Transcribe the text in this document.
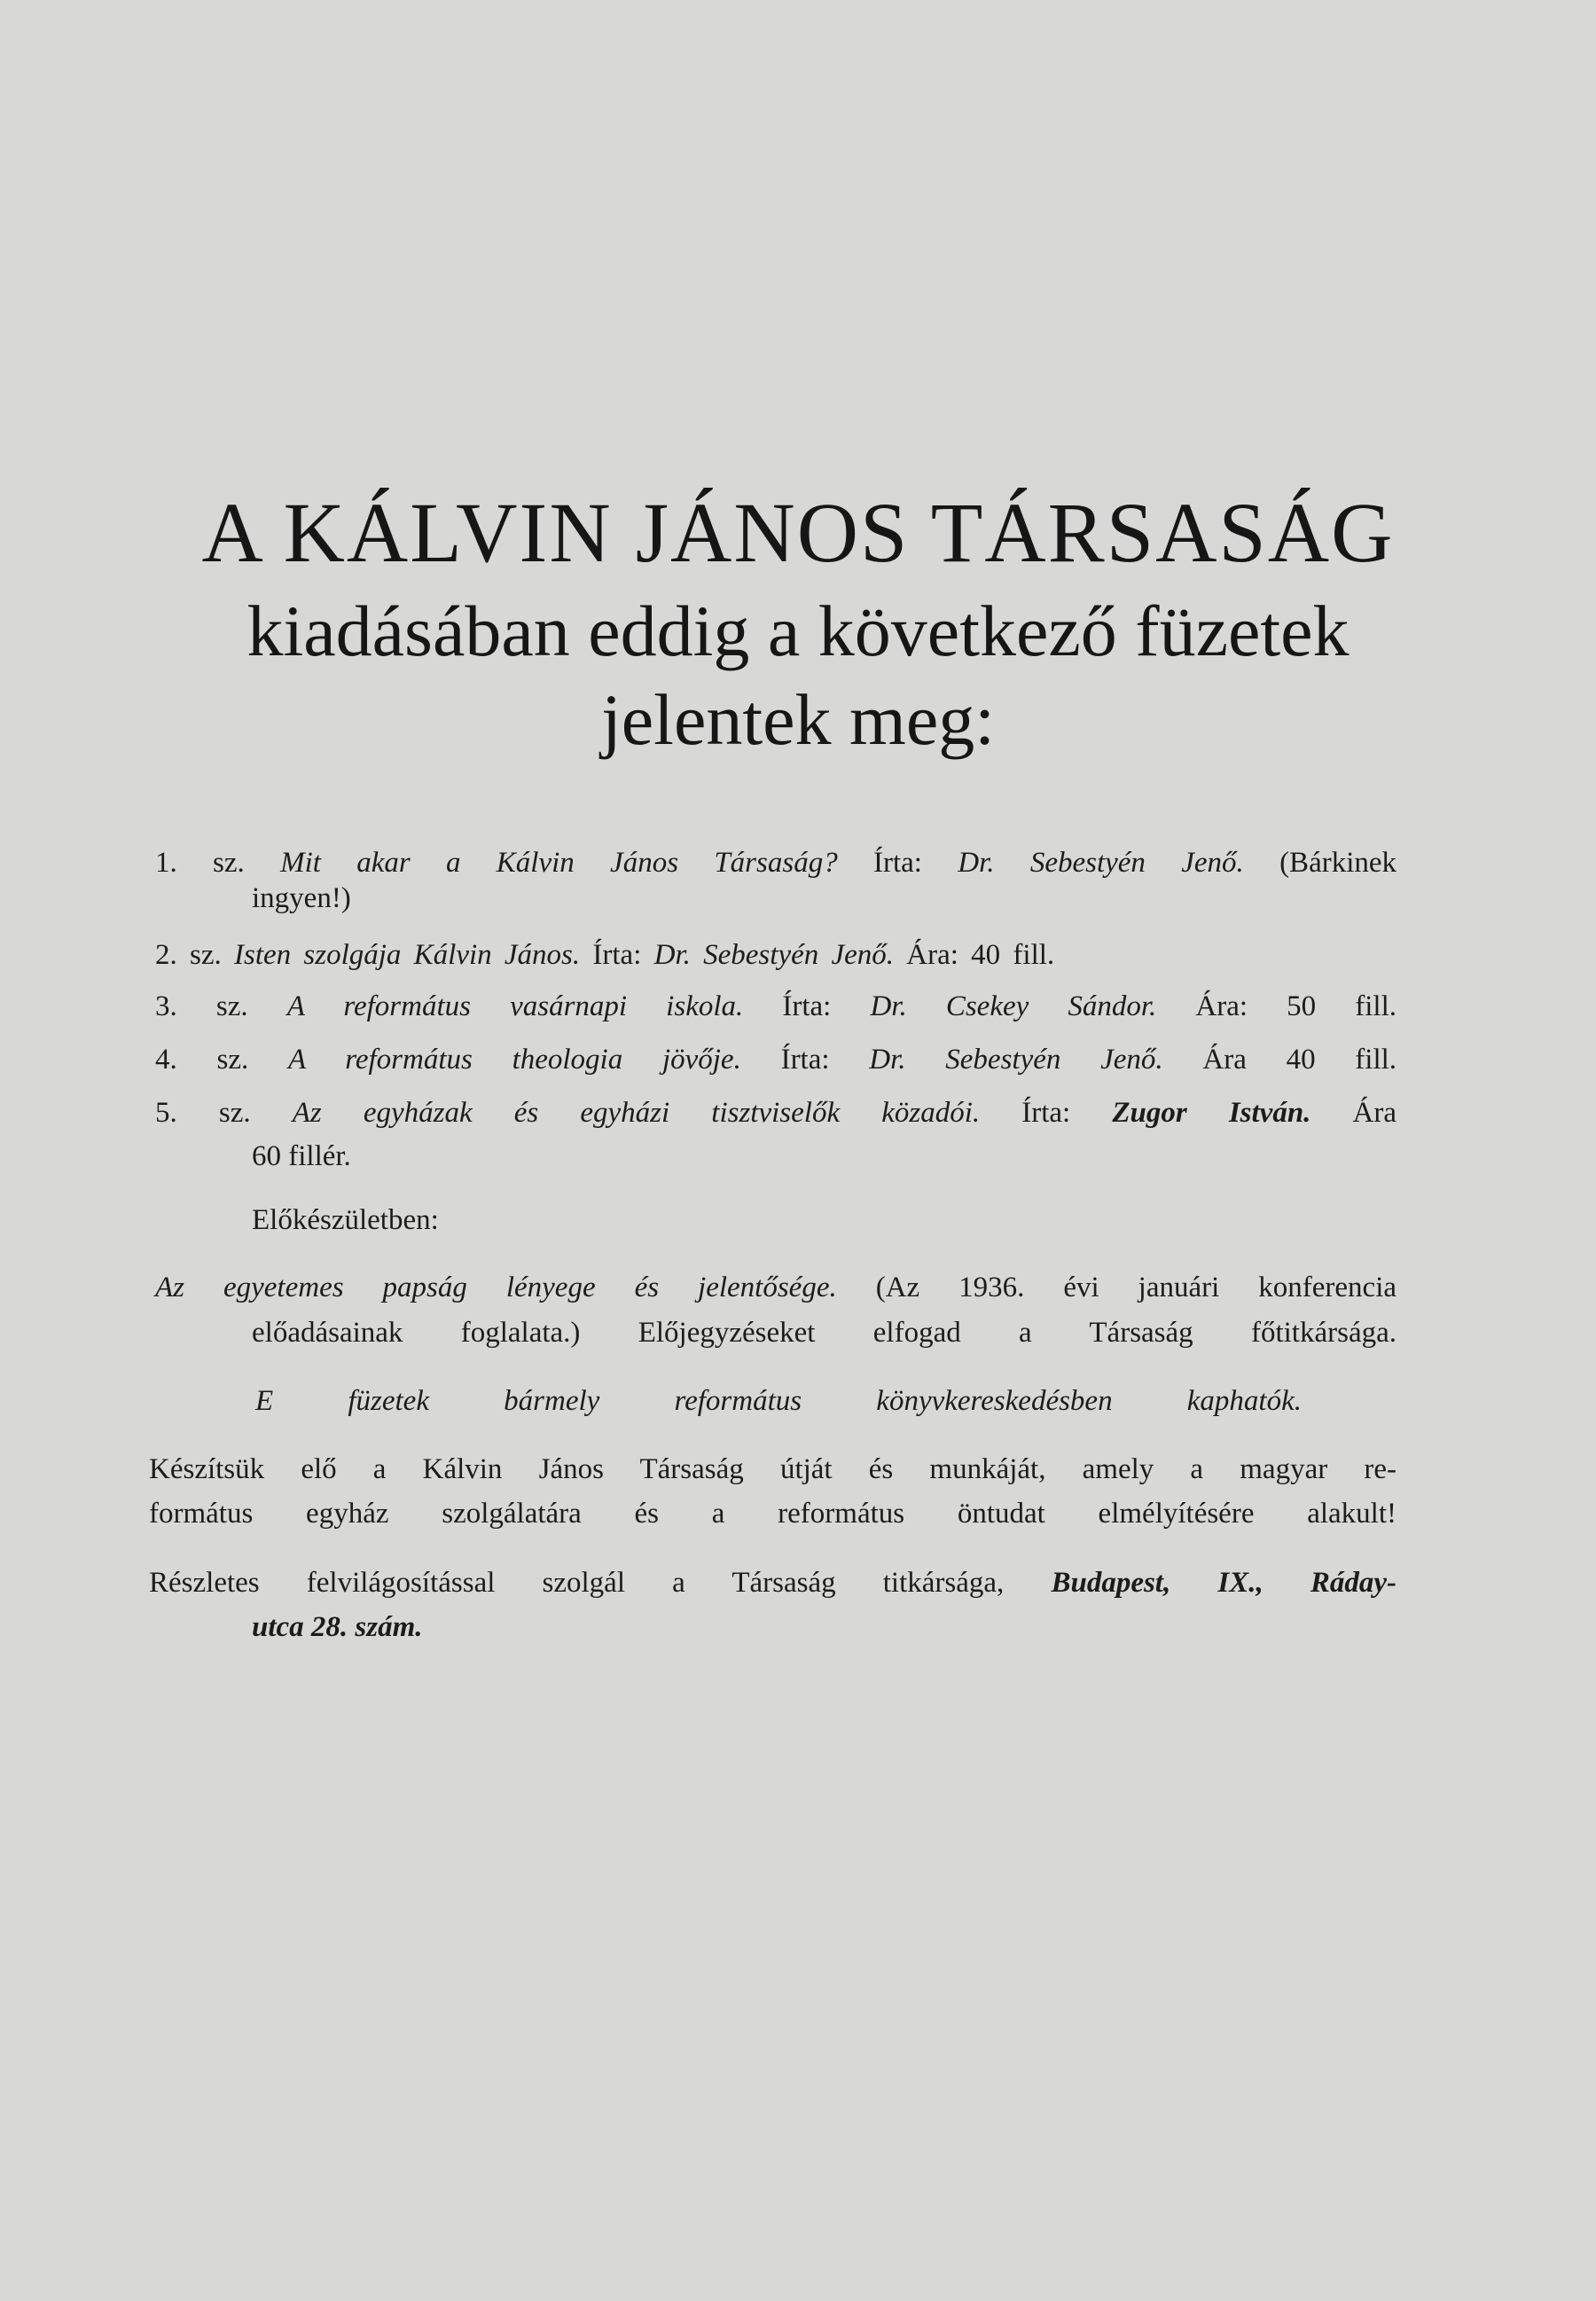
A KÁLVIN JÁNOS TÁRSASÁG
kiadásában eddig a következő füzetek
jelentek meg:
1. sz. Mit akar a Kálvin János Társaság? Írta: Dr. Sebestyén Jenő. (Bárkinek
ingyen!)
2. sz. Isten szolgája Kálvin János. Írta: Dr. Sebestyén Jenő. Ára: 40 fill.
3. sz. A református vasárnapi iskola. Írta: Dr. Csekey Sándor. Ára: 50 fill.
4. sz. A református theologia jövője. Írta: Dr. Sebestyén Jenő. Ára 40 fill.
5. sz. Az egyházak és egyházi tisztviselők közadói. Írta: Zugor István. Ára
60 fillér.
Előkészületben:
Az egyetemes papság lényege és jelentősége. (Az 1936. évi januári konferencia
előadásainak foglalata.) Előjegyzéseket elfogad a Társaság főtitkársága.
E füzetek bármely református könyvkereskedésben kaphatók.
Készítsük elő a Kálvin János Társaság útját és munkáját, amely a magyar re-
formátus egyház szolgálatára és a református öntudat elmélyítésére alakult!
Részletes felvilágosítással szolgál a Társaság titkársága, Budapest, IX., Ráday-
utca 28. szám.
